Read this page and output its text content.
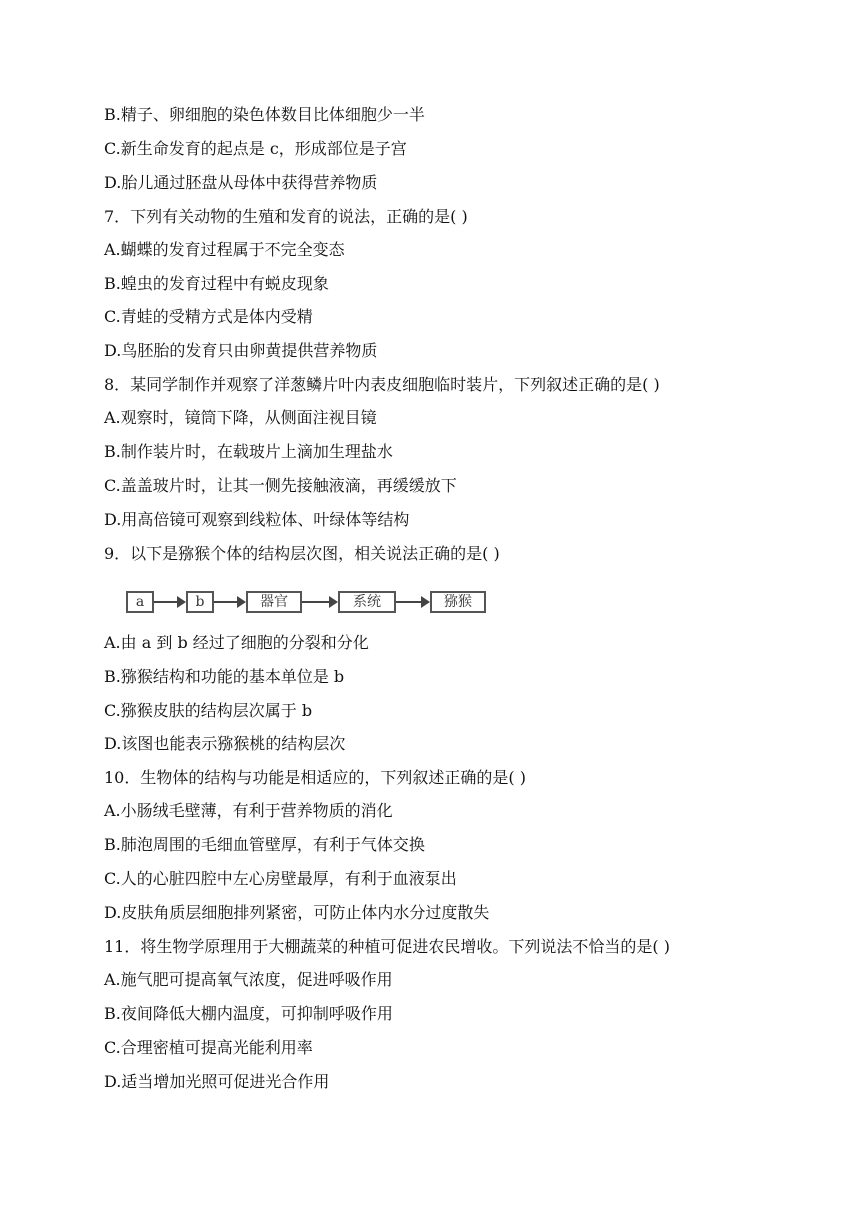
B.精子、卵细胞的染色体数目比体细胞少一半
C.新生命发育的起点是 c，形成部位是子宫
D.胎儿通过胚盘从母体中获得营养物质
7．下列有关动物的生殖和发育的说法，正确的是( )
A.蝴蝶的发育过程属于不完全变态
B.蝗虫的发育过程中有蜕皮现象
C.青蛙的受精方式是体内受精
D.鸟胚胎的发育只由卵黄提供营养物质
8．某同学制作并观察了洋葱鳞片叶内表皮细胞临时装片，下列叙述正确的是( )
A.观察时，镜筒下降，从侧面注视目镜
B.制作装片时，在载玻片上滴加生理盐水
C.盖盖玻片时，让其一侧先接触液滴，再缓缓放下
D.用高倍镜可观察到线粒体、叶绿体等结构
9．以下是猕猴个体的结构层次图，相关说法正确的是( )
a	b	器官	系统	猕猴
A.由 a 到 b 经过了细胞的分裂和分化
B.猕猴结构和功能的基本单位是 b
C.猕猴皮肤的结构层次属于 b
D.该图也能表示猕猴桃的结构层次
10．生物体的结构与功能是相适应的，下列叙述正确的是( )
A.小肠绒毛壁薄，有利于营养物质的消化
B.肺泡周围的毛细血管壁厚，有利于气体交换
C.人的心脏四腔中左心房壁最厚，有利于血液泵出
D.皮肤角质层细胞排列紧密，可防止体内水分过度散失
11．将生物学原理用于大棚蔬菜的种植可促进农民增收。下列说法不恰当的是( )
A.施气肥可提高氧气浓度，促进呼吸作用
B.夜间降低大棚内温度，可抑制呼吸作用
C.合理密植可提高光能利用率
D.适当增加光照可促进光合作用
